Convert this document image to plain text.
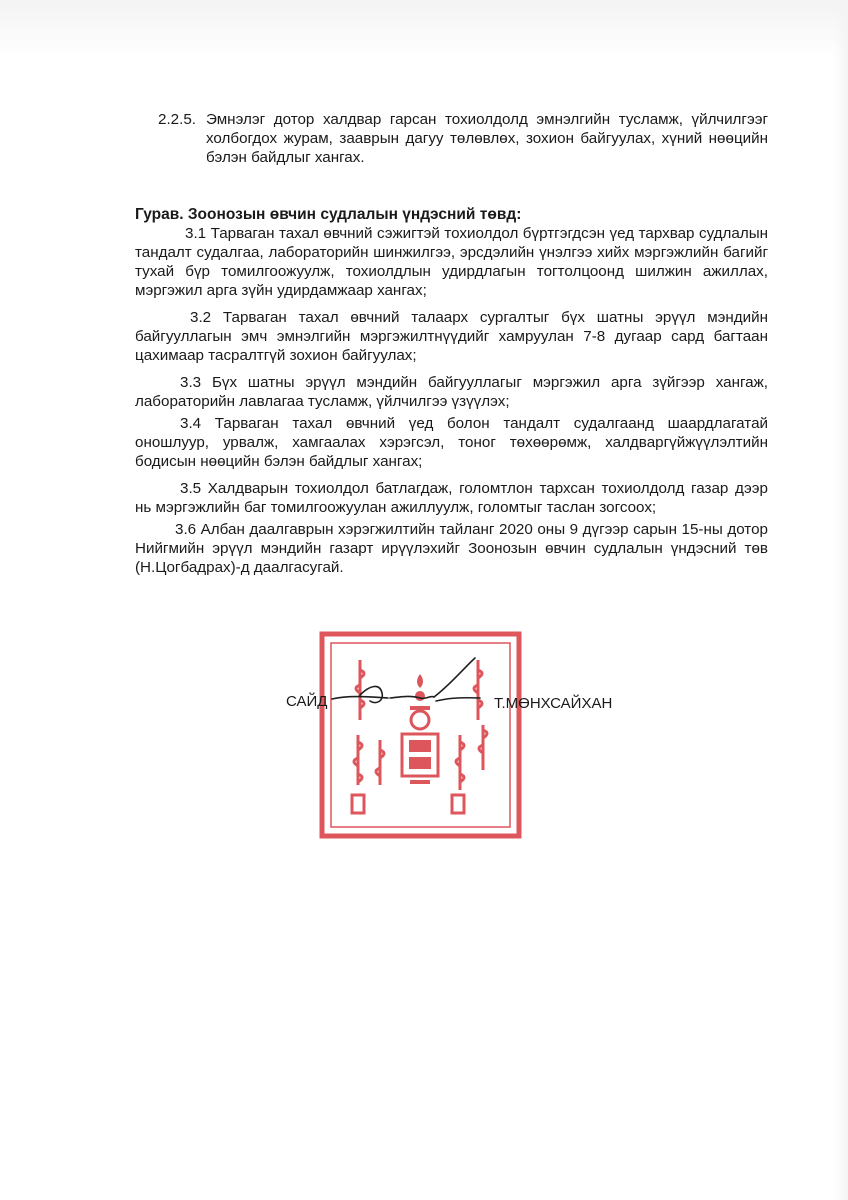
2.2.5. Эмнэлэг дотор халдвар гарсан тохиолдолд эмнэлгийн тусламж, үйлчилгээг холбогдох журам, зааврын дагуу төлөвлөх, зохион байгуулах, хүний нөөцийн бэлэн байдлыг хангах.

Гурав. Зоонозын өвчин судлалын үндэсний төвд:

3.1 Тарваган тахал өвчний сэжигтэй тохиолдол бүртгэгдсэн үед тархвар судлалын тандалт судалгаа, лабораторийн шинжилгээ, эрсдэлийн үнэлгээ хийх мэргэжлийн багийг тухай бүр томилгоожуулж, тохиолдлын удирдлагын тогтолцоонд шилжин ажиллах, мэргэжил арга зүйн удирдамжаар хангах;

3.2 Тарваган тахал өвчний талаарх сургалтыг бүх шатны эрүүл мэндийн байгууллагын эмч эмнэлгийн мэргэжилтнүүдийг хамруулан 7-8 дугаар сард багтаан цахимаар тасралтгүй зохион байгуулах;

3.3 Бүх шатны эрүүл мэндийн байгууллагыг мэргэжил арга зүйгээр хангаж, лабораторийн лавлагаа тусламж, үйлчилгээ үзүүлэх;

3.4 Тарваган тахал өвчний үед болон тандалт судалгаанд шаардлагатай оношлуур, урвалж, хамгаалах хэрэгсэл, тоног төхөөрөмж, халдваргүйжүүлэлтийн бодисын нөөцийн бэлэн байдлыг хангах;

3.5 Халдварын тохиолдол батлагдаж, голомтлон тархсан тохиолдолд газар дээр нь мэргэжлийн баг томилгоожуулан ажиллуулж, голомтыг таслан зогсоох;

3.6 Албан даалгаврын хэрэгжилтийн тайланг 2020 оны 9 дүгээр сарын 15-ны дотор Нийгмийн эрүүл мэндийн газарт ирүүлэхийг Зоонозын өвчин судлалын үндэсний төв (Н.Цогбадрах)-д даалгасугай.

САЙД	Т.МӨНХСАЙХАН
